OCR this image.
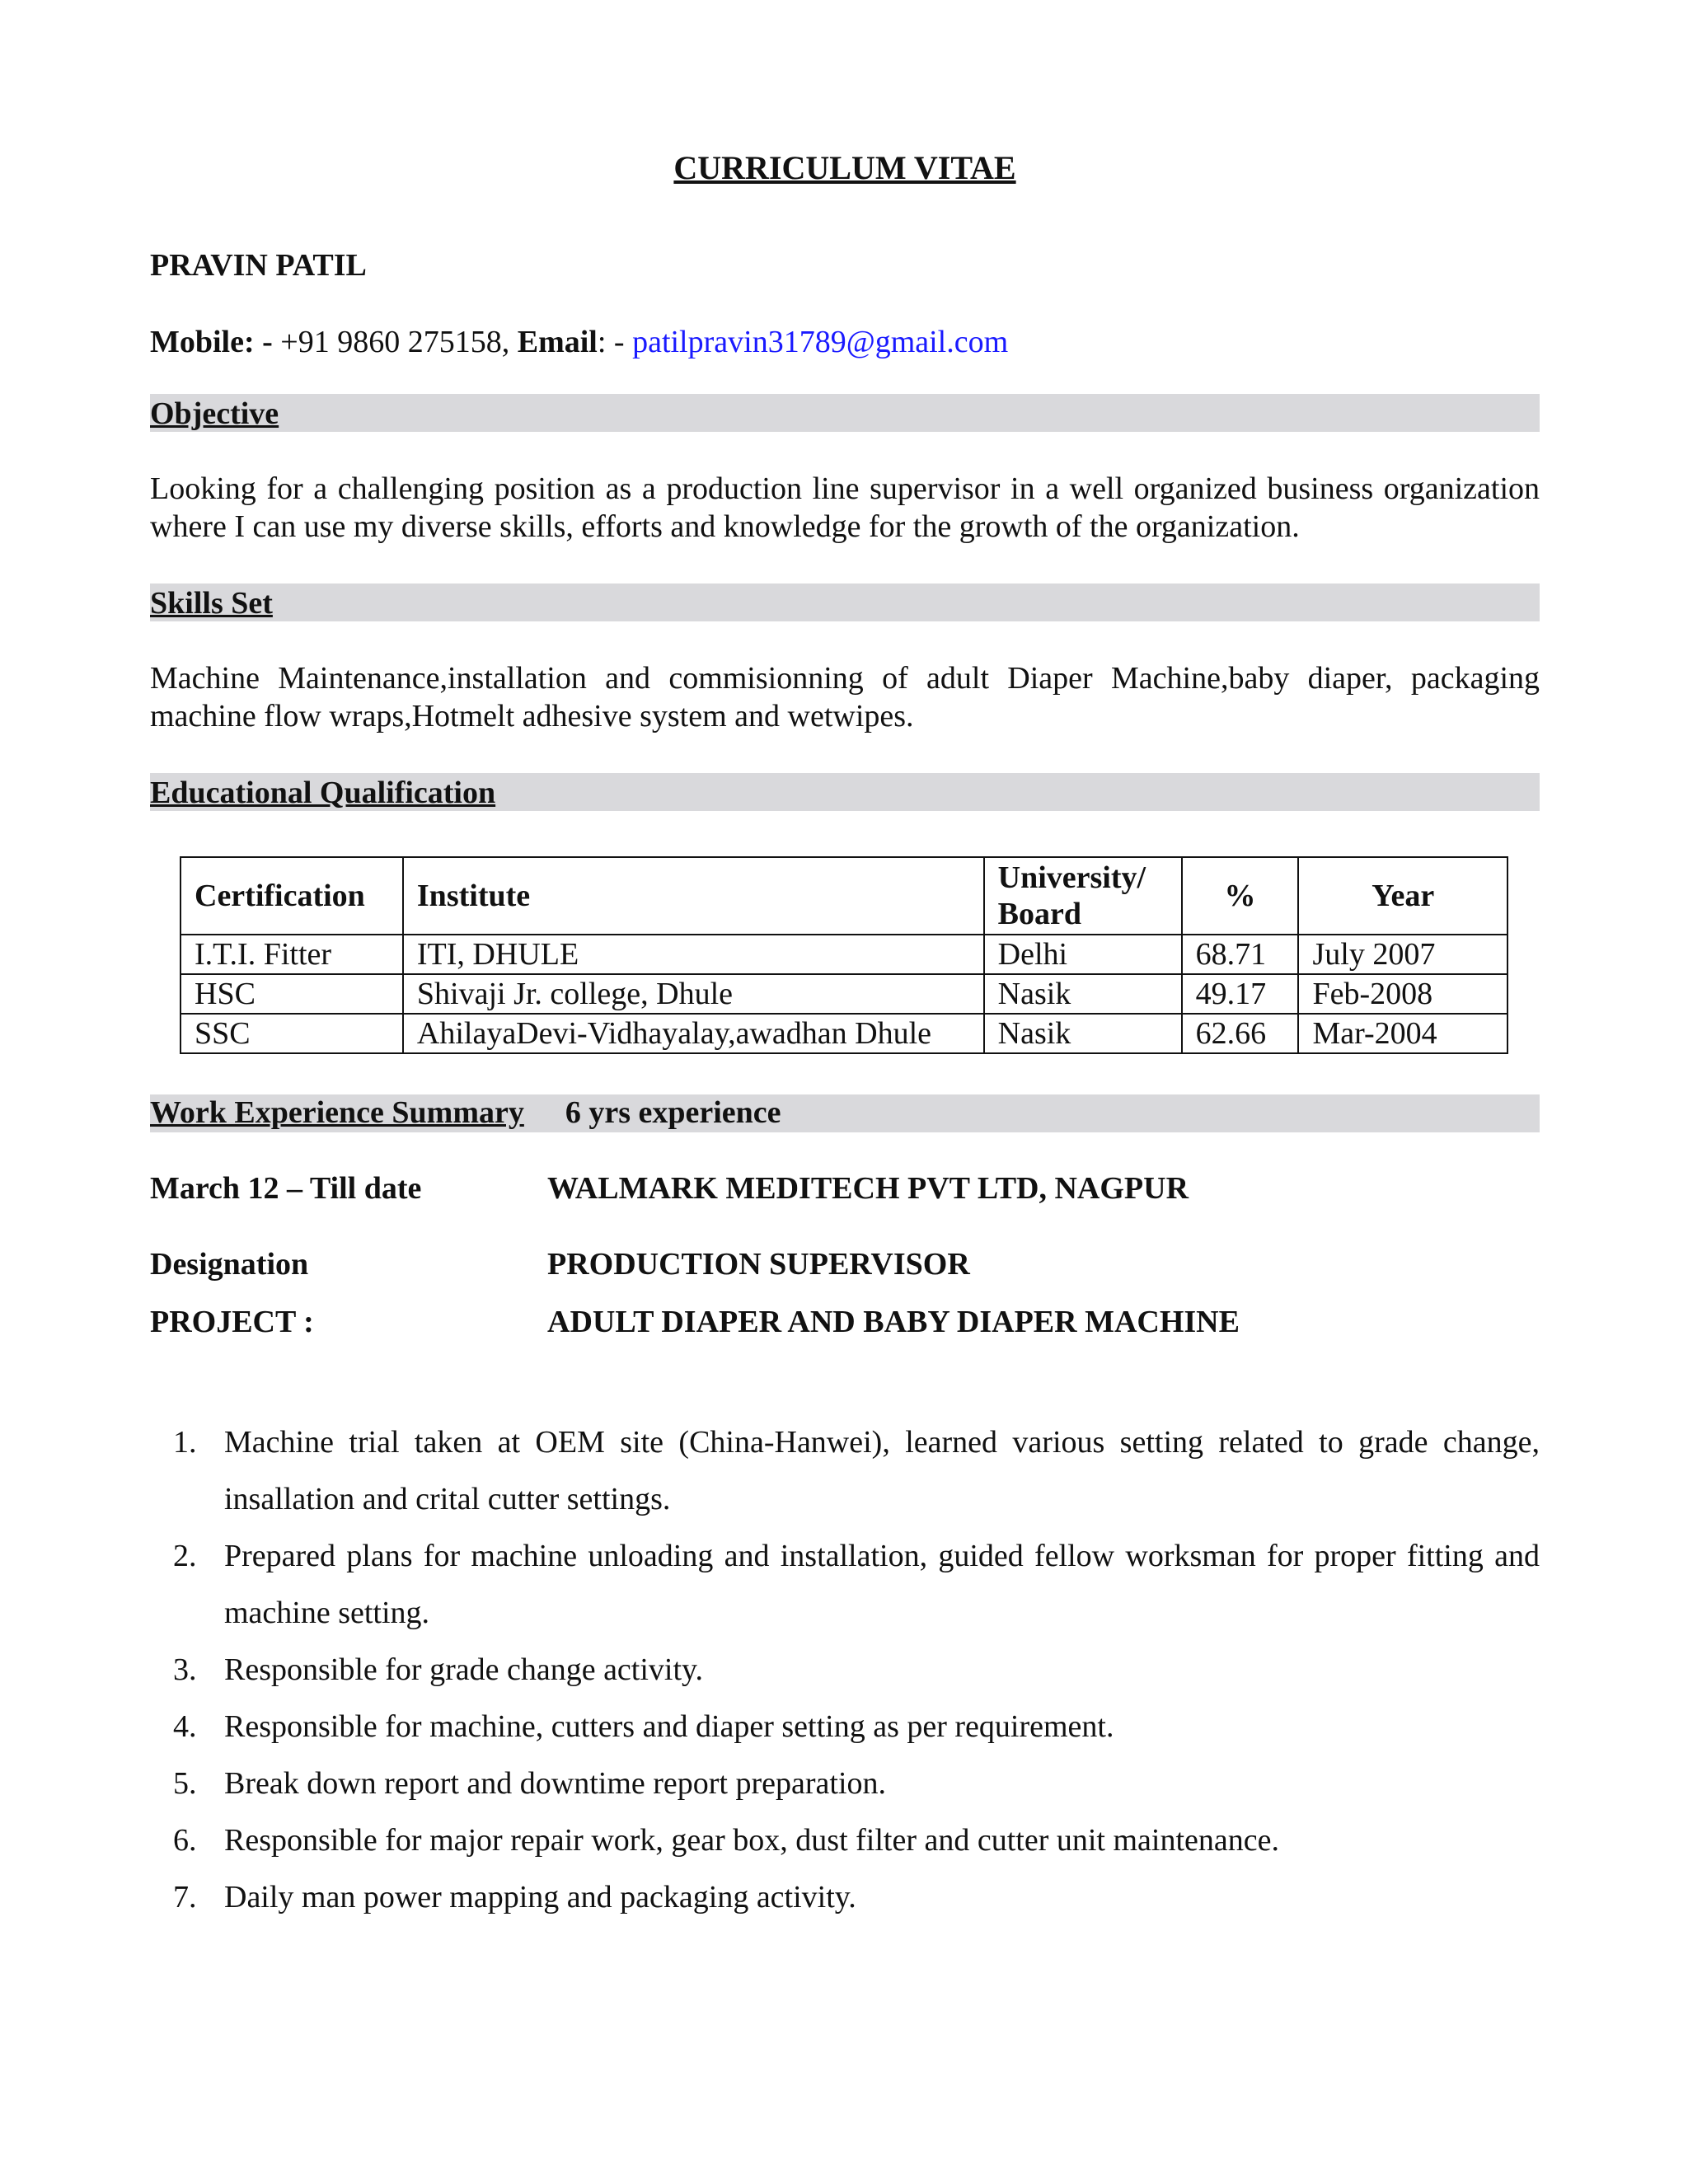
CURRICULUM VITAE
PRAVIN PATIL
Mobile: - +91 9860 275158, Email: - patilpravin31789@gmail.com
Objective
Looking for a challenging position as a production line supervisor in a well organized business organization where I can use my diverse skills, efforts and knowledge for the growth of the organization.
Skills Set
Machine Maintenance,installation and commisionning of adult Diaper Machine,baby diaper, packaging machine flow wraps,Hotmelt adhesive system and wetwipes.
Educational Qualification
Certification	Institute	University/ Board	%	Year
I.T.I. Fitter	ITI, DHULE	Delhi	68.71	July 2007
HSC	Shivaji Jr. college, Dhule	Nasik	49.17	Feb-2008
SSC	AhilayaDevi-Vidhayalay,awadhan Dhule	Nasik	62.66	Mar-2004
Work Experience Summary 6 yrs experience
March 12 – Till date	WALMARK MEDITECH PVT LTD, NAGPUR
Designation	PRODUCTION SUPERVISOR
PROJECT :	ADULT DIAPER AND BABY DIAPER MACHINE
1. Machine trial taken at OEM site (China-Hanwei), learned various setting related to grade change, insallation and crital cutter settings.
2. Prepared plans for machine unloading and installation, guided fellow worksman for proper fitting and machine setting.
3. Responsible for grade change activity.
4. Responsible for machine, cutters and diaper setting as per requirement.
5. Break down report and downtime report preparation.
6. Responsible for major repair work, gear box, dust filter and cutter unit maintenance.
7. Daily man power mapping and packaging activity.
